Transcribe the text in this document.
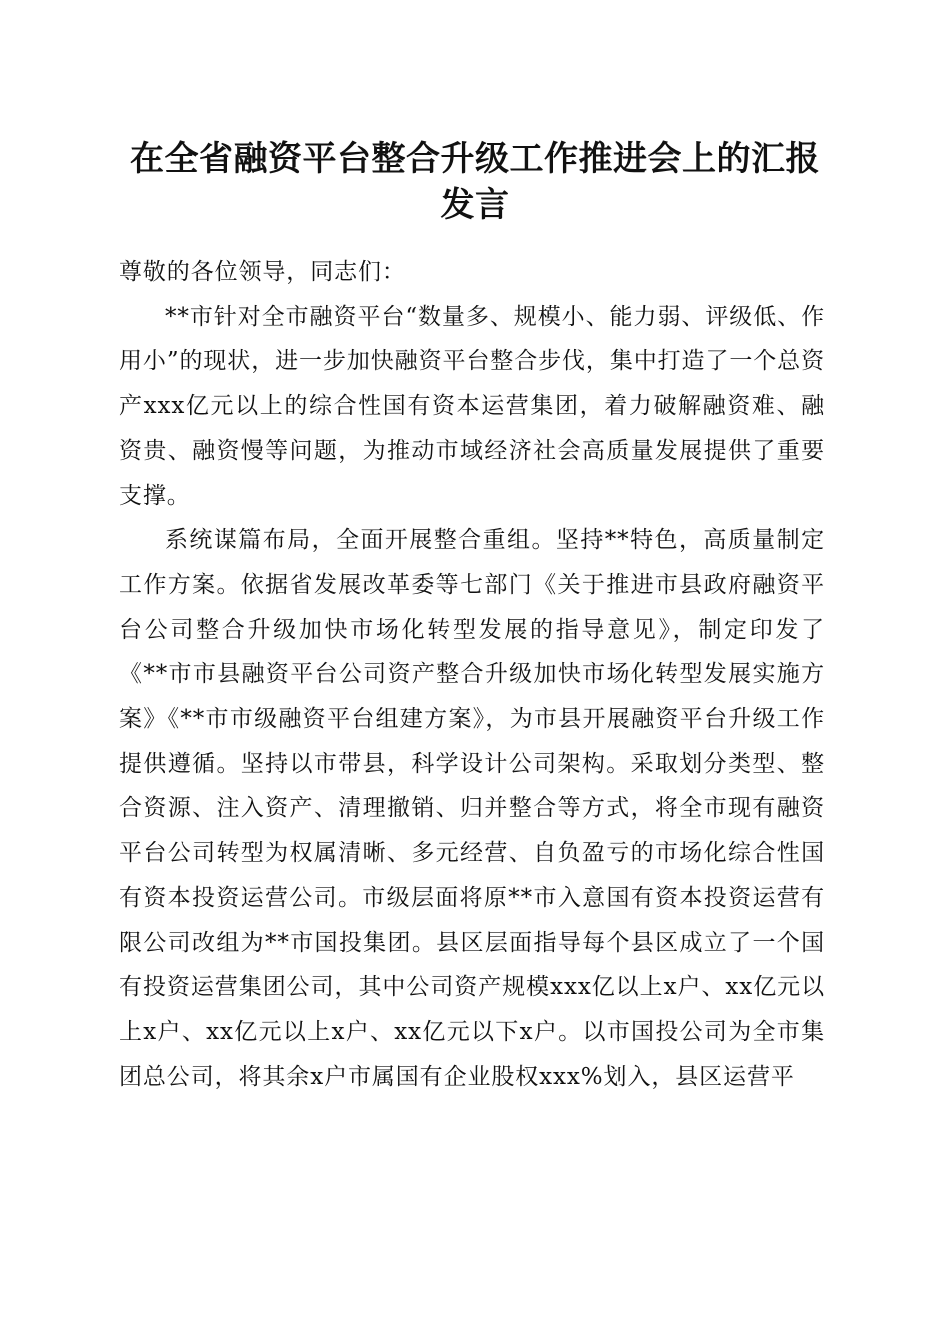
在全省融资平台整合升级工作推进会上的汇报发言

尊敬的各位领导，同志们：

**市针对全市融资平台“数量多、规模小、能力弱、评级低、作用小”的现状，进一步加快融资平台整合步伐，集中打造了一个总资产xxx亿元以上的综合性国有资本运营集团，着力破解融资难、融资贵、融资慢等问题，为推动市域经济社会高质量发展提供了重要支撑。

系统谋篇布局，全面开展整合重组。坚持**特色，高质量制定工作方案。依据省发展改革委等七部门《关于推进市县政府融资平台公司整合升级加快市场化转型发展的指导意见》，制定印发了《**市市县融资平台公司资产整合升级加快市场化转型发展实施方案》《**市市级融资平台组建方案》，为市县开展融资平台升级工作提供遵循。坚持以市带县，科学设计公司架构。采取划分类型、整合资源、注入资产、清理撤销、归并整合等方式，将全市现有融资平台公司转型为权属清晰、多元经营、自负盈亏的市场化综合性国有资本投资运营公司。市级层面将原**市入意国有资本投资运营有限公司改组为**市国投集团。县区层面指导每个县区成立了一个国有投资运营集团公司，其中公司资产规模xxx亿以上x户、xx亿元以上x户、xx亿元以上x户、xx亿元以下x户。以市国投公司为全市集团总公司，将其余x户市属国有企业股权xxx%划入，县区运营平
